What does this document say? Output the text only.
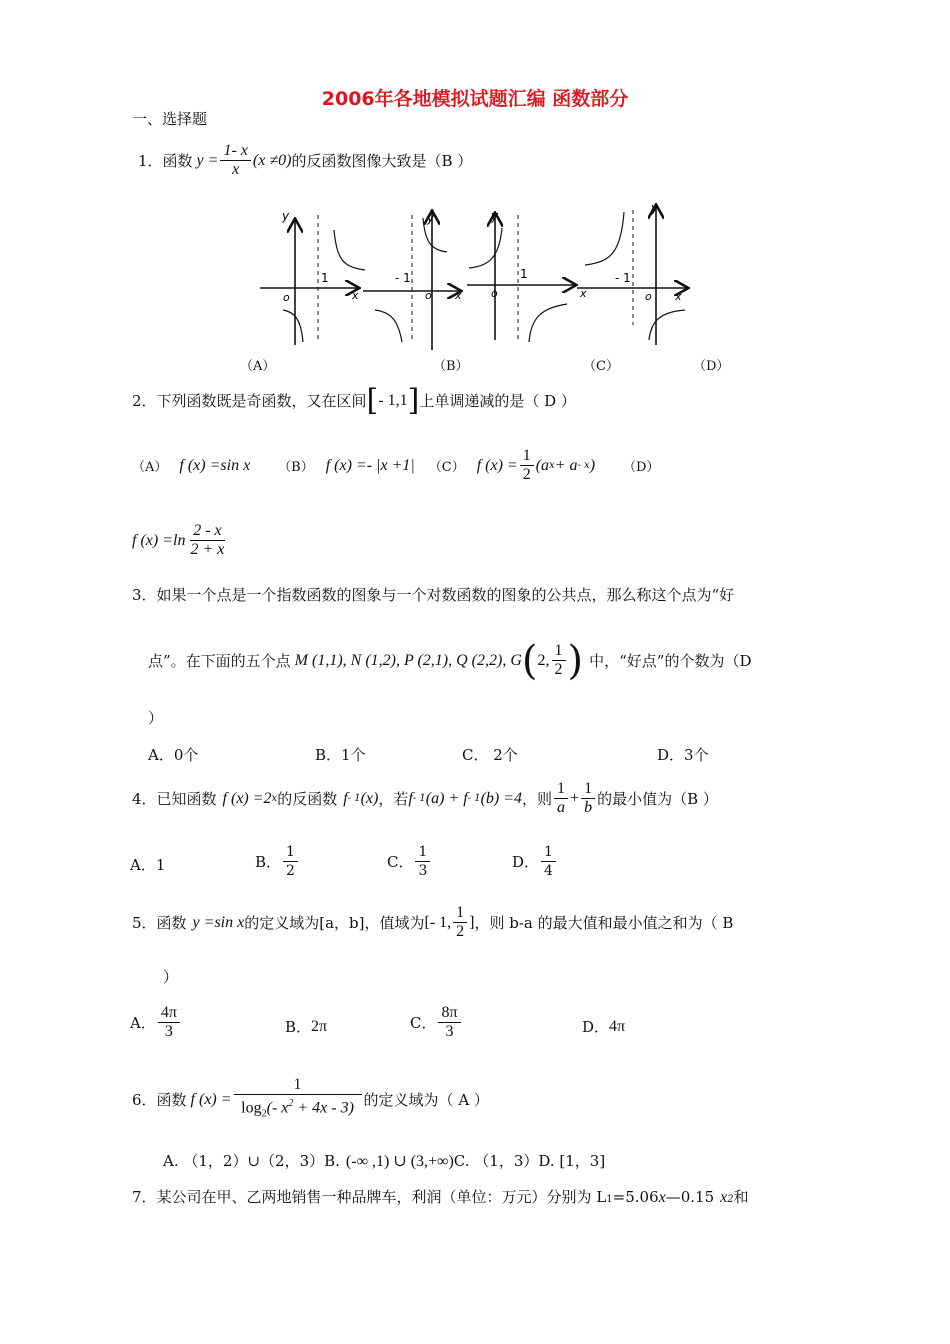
2006年各地模拟试题汇编 函数部分
一、选择题
1．函数 $y = \frac{1- x}{x} (x \ne 0)$ 的反函数图像大致是（B ）
y
1
o	x
y
- 1
o x
y
1
o	x
y
- 1
o x
（A）	（B）	（C）	（D）
2．下列函数既是奇函数，又在区间 [ - 1,1 ] 上单调递减的是（ D ）
（A） f (x) =sin x （B） f (x) =- |x +1| （C） f $(x) = \frac{1}{2} (a$ x + a - x ) （D）
f $(x) =\ln \frac{2 - x}{2 + x}$
3．如果一个点是一个指数函数的图象与一个对数函数的图象的公共点，那么称这个点为“好
点”。在下面的五个点 M (1,1), N (1,2), P (2,1), Q (2,2), G ( 2, $\frac{1}{2}$ ) 中，“好点”的个数为（D
）
A．0个	B．1个	C． 2个	D．3个
4．已知函数 f (x) =2 x 的反函数 f - 1 (x) ，若 f - 1 (a) + f - 1 (b) =4 ，则 $\frac{1}{a} + \frac{1}{b}$ 的最小值为（B ）
A．1	B． $\frac{1}{2}$	C． $\frac{1}{3}$	D． $\frac{1}{4}$
5．函数 y =sin x 的定义域为[a，b]，值域为 [- 1, $\frac{1}{2}$ ] ，则 b-a 的最大值和最小值之和为（ B
）
A． $\frac{4\pi}{3}$	B． 2π	C． $\frac{8\pi}{3}$	D． 4π
6．函数 f $(x) = \frac{1}{\log_2(- x^2 + 4x - 3)}$ 的定义域为（ A ）
A. （1，2）∪（2，3）B. (-∞ ,1) ∪ (3,+∞) C. （1，3）D. [1，3]
7．某公司在甲、乙两地销售一种品牌车，利润（单位：万元）分别为 L 1 =5.06 x —0.15 x 2 和
